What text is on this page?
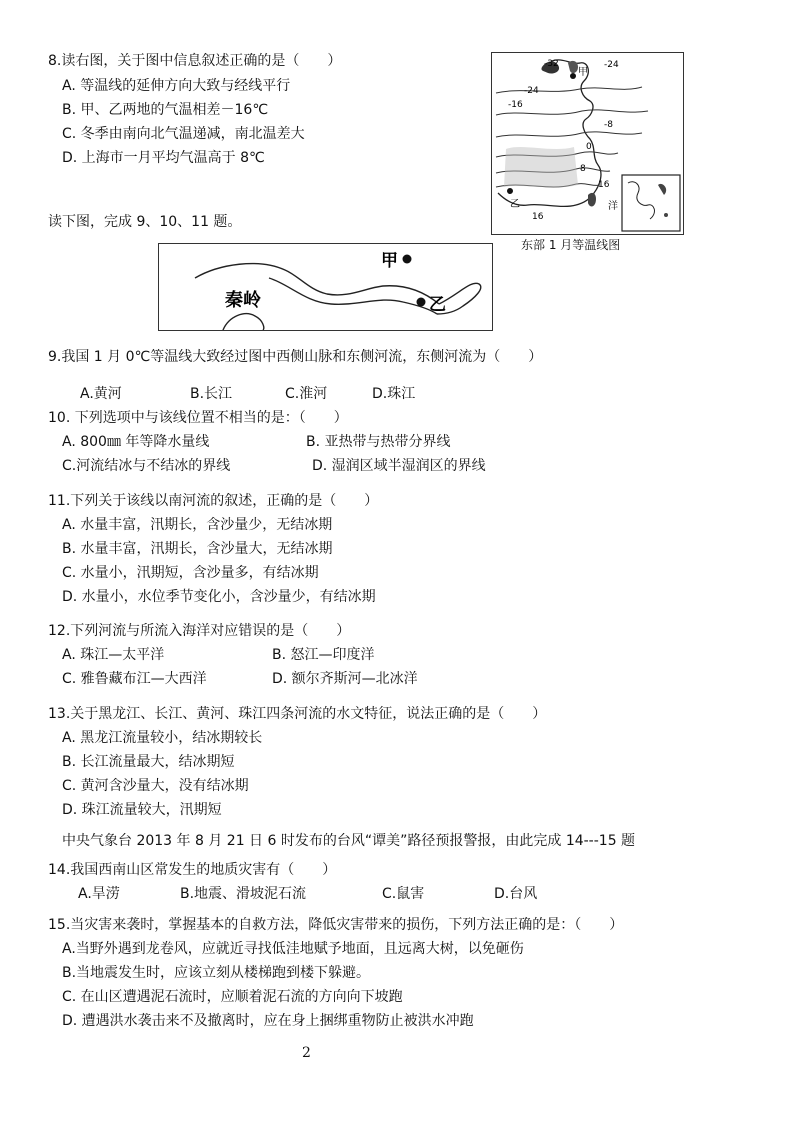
8.读右图，关于图中信息叙述正确的是（　　）
A. 等温线的延伸方向大致与经线平行
B. 甲、乙两地的气温相差－16℃
C. 冬季由南向北气温递减，南北温差大
D. 上海市一月平均气温高于 8℃
-32	-24
-24
-16
-8
0
8
16
16
甲
乙	洋
东部 1 月等温线图
读下图，完成 9、10、11 题。
甲
乙
秦岭
9.我国 1 月 0℃等温线大致经过图中西侧山脉和东侧河流，东侧河流为（　　）
A.黄河	B.长江	C.淮河	D.珠江
10. 下列选项中与该线位置不相当的是：（　　）
A. 800㎜ 年等降水量线	B. 亚热带与热带分界线
C.河流结冰与不结冰的界线	D. 湿润区域半湿润区的界线
11.下列关于该线以南河流的叙述，正确的是（　　）
A. 水量丰富，汛期长，含沙量少，无结冰期
B. 水量丰富，汛期长，含沙量大，无结冰期
C. 水量小，汛期短，含沙量多，有结冰期
D. 水量小，水位季节变化小，含沙量少，有结冰期
12.下列河流与所流入海洋对应错误的是（　　）
A. 珠江—太平洋	B. 怒江—印度洋
C. 雅鲁藏布江—大西洋	D. 额尔齐斯河—北冰洋
13.关于黑龙江、长江、黄河、珠江四条河流的水文特征，说法正确的是（　　）
A. 黑龙江流量较小，结冰期较长
B. 长江流量最大，结冰期短
C. 黄河含沙量大，没有结冰期
D. 珠江流量较大，汛期短
中央气象台 2013 年 8 月 21 日 6 时发布的台风“谭美”路径预报警报，由此完成 14---15 题
14.我国西南山区常发生的地质灾害有（　　）
A.旱涝	B.地震、滑坡泥石流	C.鼠害	D.台风
15.当灾害来袭时，掌握基本的自救方法，降低灾害带来的损伤，下列方法正确的是：（　　）
A.当野外遇到龙卷风，应就近寻找低洼地赋予地面，且远离大树，以免砸伤
B.当地震发生时，应该立刻从楼梯跑到楼下躲避。
C. 在山区遭遇泥石流时，应顺着泥石流的方向向下坡跑
D. 遭遇洪水袭击来不及撤离时，应在身上捆绑重物防止被洪水冲跑
2
